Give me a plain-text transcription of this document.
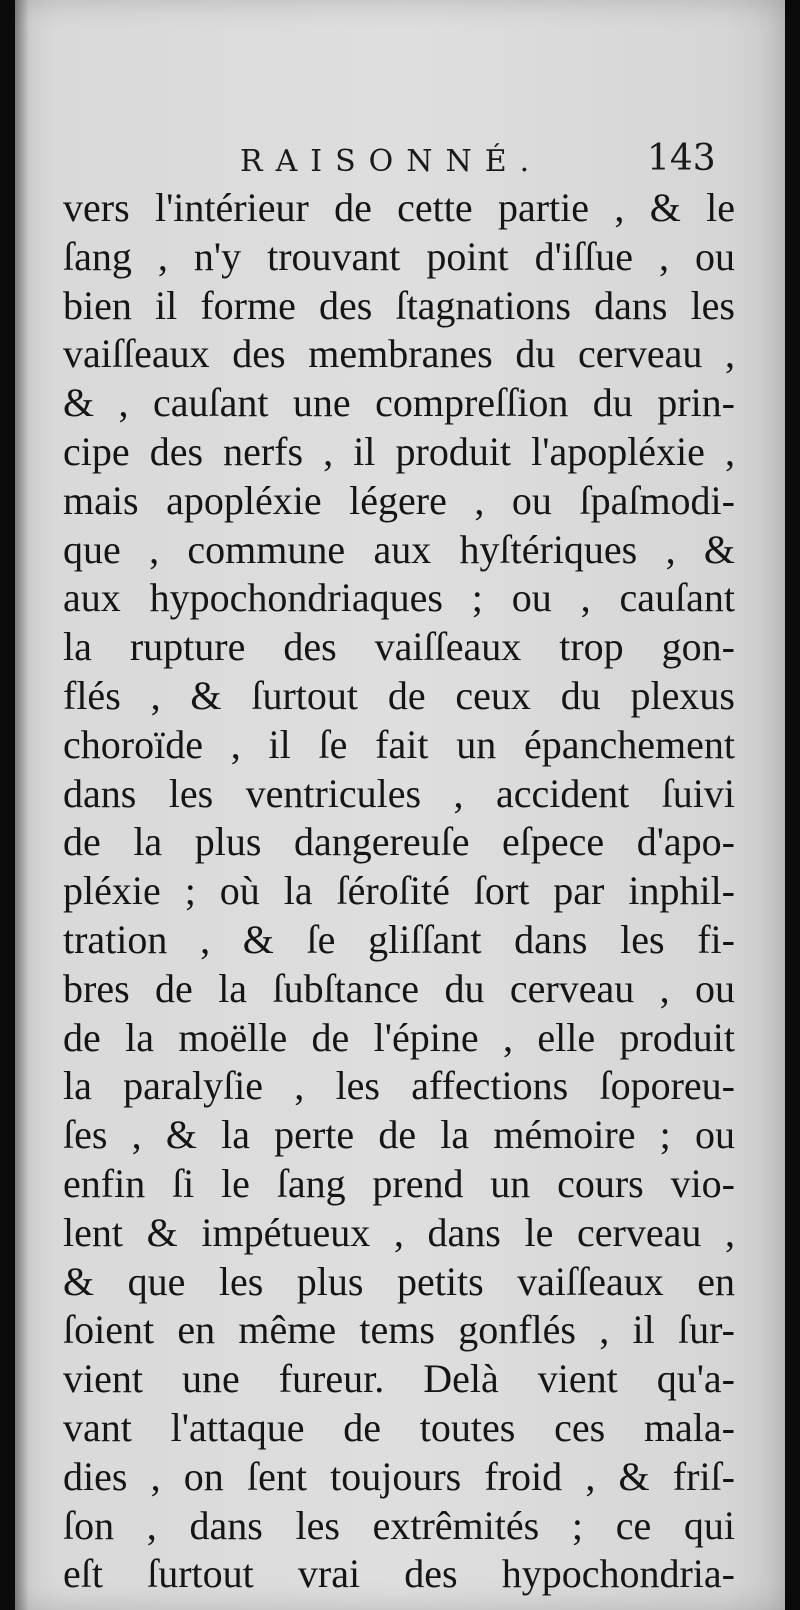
RAISONNÉ.	143
vers l'intérieur de cette partie , & le
ſang , n'y trouvant point d'iſſue , ou
bien il forme des ſtagnations dans les
vaiſſeaux des membranes du cerveau ,
& , cauſant une compreſſion du prin-
cipe des nerfs , il produit l'apopléxie ,
mais apopléxie légere , ou ſpaſmodi-
que , commune aux hyſtériques , &
aux hypochondriaques ; ou , cauſant
la rupture des vaiſſeaux trop gon-
flés , & ſurtout de ceux du plexus
choroïde , il ſe fait un épanchement
dans les ventricules , accident ſuivi
de la plus dangereuſe eſpece d'apo-
pléxie ; où la ſéroſité ſort par inphil-
tration , & ſe gliſſant dans les fi-
bres de la ſubſtance du cerveau , ou
de la moëlle de l'épine , elle produit
la paralyſie , les affections ſoporeu-
ſes , & la perte de la mémoire ; ou
enfin ſi le ſang prend un cours vio-
lent & impétueux , dans le cerveau ,
& que les plus petits vaiſſeaux en
ſoient en même tems gonflés , il ſur-
vient une fureur. Delà vient qu'a-
vant l'attaque de toutes ces mala-
dies , on ſent toujours froid , & friſ-
ſon , dans les extrêmités ; ce qui
eſt ſurtout vrai des hypochondria-
